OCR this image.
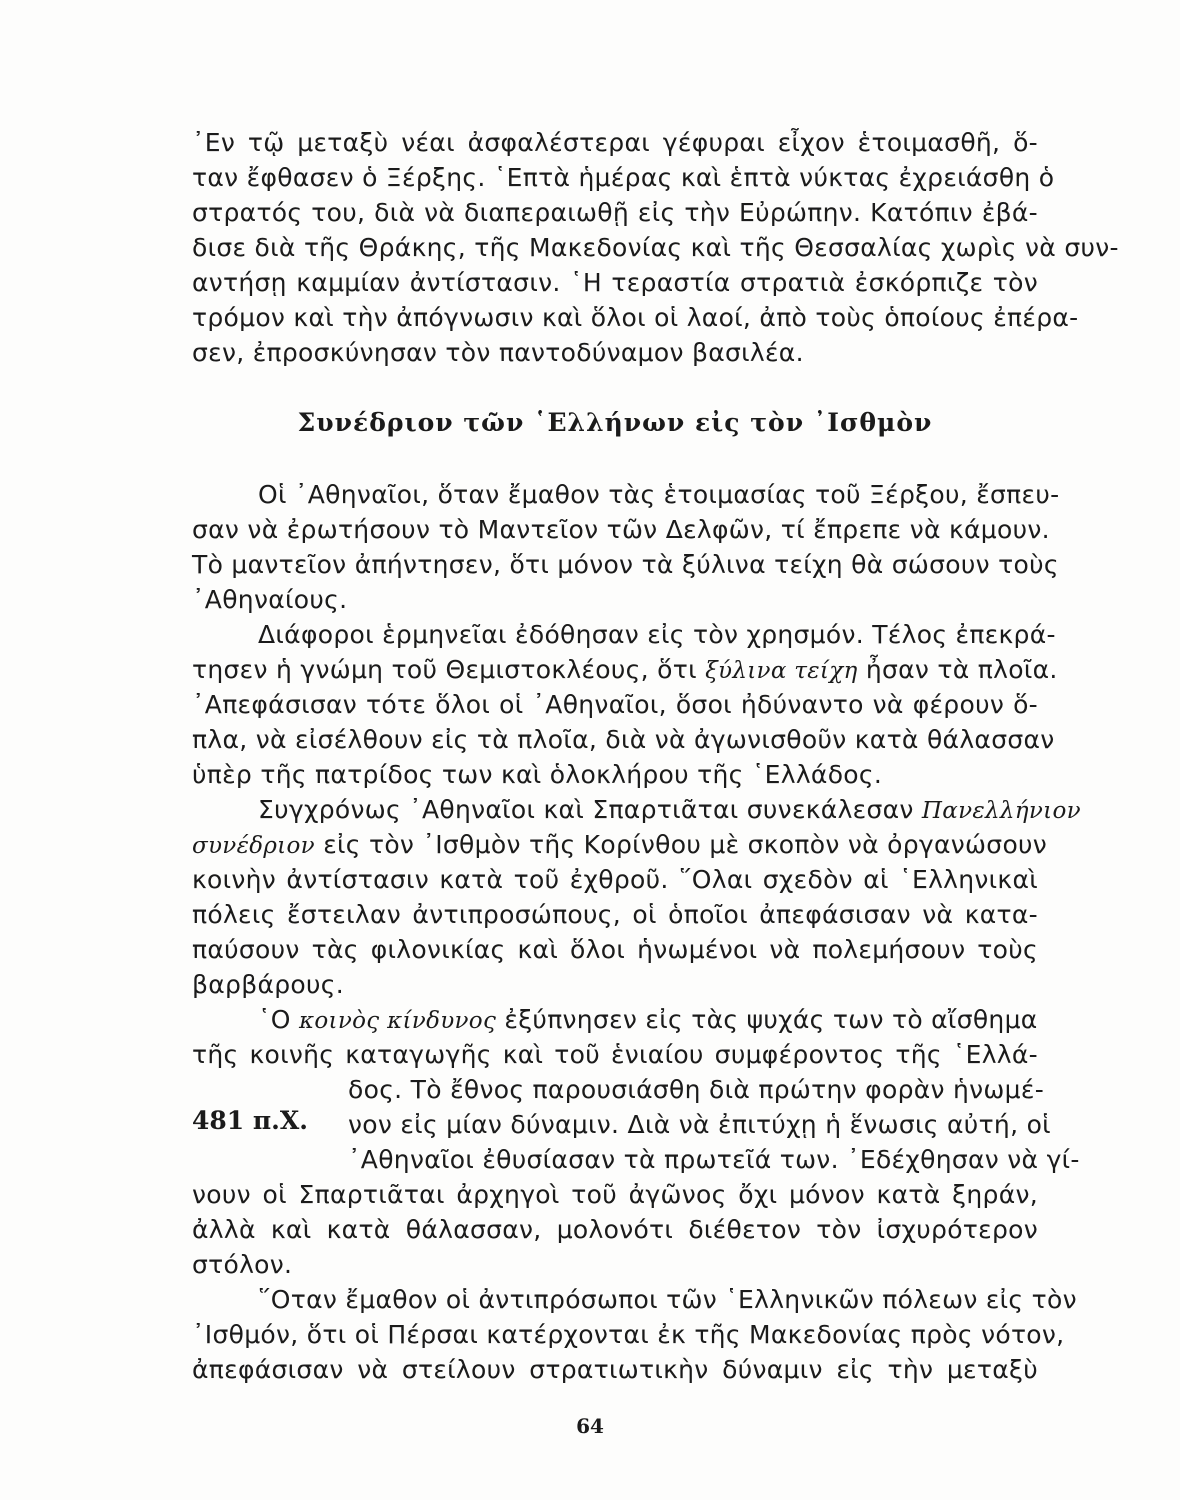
᾿Εν τῷ μεταξὺ νέαι ἀσφαλέστεραι γέφυραι εἶχον ἑτοιμασθῆ, ὅ-
ταν ἔφθασεν ὁ Ξέρξης. ῾Επτὰ ἡμέρας καὶ ἑπτὰ νύκτας ἐχρειάσθη ὁ
στρατός του, διὰ νὰ διαπεραιωθῇ εἰς τὴν Εὐρώπην. Κατόπιν ἐβά-
δισε διὰ τῆς Θράκης, τῆς Μακεδονίας καὶ τῆς Θεσσαλίας χωρὶς νὰ συν-
αντήσῃ καμμίαν ἀντίστασιν. ῾Η τεραστία στρατιὰ ἐσκόρπιζε τὸν
τρόμον καὶ τὴν ἀπόγνωσιν καὶ ὅλοι οἱ λαοί, ἀπὸ τοὺς ὁποίους ἐπέρα-
σεν, ἐπροσκύνησαν τὸν παντοδύναμον βασιλέα.
Συνέδριον τῶν ῾Ελλήνων εἰς τὸν ᾿Ισθμὸν
Οἱ ᾿Αθηναῖοι, ὅταν ἔμαθον τὰς ἑτοιμασίας τοῦ Ξέρξου, ἔσπευ-
σαν νὰ ἐρωτήσουν τὸ Μαντεῖον τῶν Δελφῶν, τί ἔπρεπε νὰ κάμουν.
Τὸ μαντεῖον ἀπήντησεν, ὅτι μόνον τὰ ξύλινα τείχη θὰ σώσουν τοὺς
᾿Αθηναίους.
Διάφοροι ἑρμηνεῖαι ἐδόθησαν εἰς τὸν χρησμόν. Τέλος ἐπεκρά-
τησεν ἡ γνώμη τοῦ Θεμιστοκλέους, ὅτι ξύλινα τείχη ἦσαν τὰ πλοῖα.
᾿Απεφάσισαν τότε ὅλοι οἱ ᾿Αθηναῖοι, ὅσοι ἠδύναντο νὰ φέρουν ὅ-
πλα, νὰ εἰσέλθουν εἰς τὰ πλοῖα, διὰ νὰ ἀγωνισθοῦν κατὰ θάλασσαν
ὑπὲρ τῆς πατρίδος των καὶ ὁλοκλήρου τῆς ῾Ελλάδος.
Συγχρόνως ᾿Αθηναῖοι καὶ Σπαρτιᾶται συνεκάλεσαν Πανελλήνιον
συνέδριον εἰς τὸν ᾿Ισθμὸν τῆς Κορίνθου μὲ σκοπὸν νὰ ὀργανώσουν
κοινὴν ἀντίστασιν κατὰ τοῦ ἐχθροῦ. ῞Ολαι σχεδὸν αἱ ῾Ελληνικαὶ
πόλεις ἔστειλαν ἀντιπροσώπους, οἱ ὁποῖοι ἀπεφάσισαν νὰ κατα-
παύσουν τὰς φιλονικίας καὶ ὅλοι ἡνωμένοι νὰ πολεμήσουν τοὺς
βαρβάρους.
῾Ο κοινὸς κίνδυνος ἐξύπνησεν εἰς τὰς ψυχάς των τὸ αἴσθημα
τῆς κοινῆς καταγωγῆς καὶ τοῦ ἑνιαίου συμφέροντος τῆς ῾Ελλά-
δος. Τὸ ἔθνος παρουσιάσθη διὰ πρώτην φορὰν ἡνωμέ-
νον εἰς μίαν δύναμιν. Διὰ νὰ ἐπιτύχῃ ἡ ἕνωσις αὐτή, οἱ
᾿Αθηναῖοι ἐθυσίασαν τὰ πρωτεῖά των. ᾿Εδέχθησαν νὰ γί-
νουν οἱ Σπαρτιᾶται ἀρχηγοὶ τοῦ ἀγῶνος ὄχι μόνον κατὰ ξηράν,
ἀλλὰ καὶ κατὰ θάλασσαν, μολονότι διέθετον τὸν ἰσχυρότερον
στόλον.
481 π.Χ.
῞Οταν ἔμαθον οἱ ἀντιπρόσωποι τῶν ῾Ελληνικῶν πόλεων εἰς τὸν
᾿Ισθμόν, ὅτι οἱ Πέρσαι κατέρχονται ἐκ τῆς Μακεδονίας πρὸς νότον,
ἀπεφάσισαν νὰ στείλουν στρατιωτικὴν δύναμιν εἰς τὴν μεταξὺ
64
